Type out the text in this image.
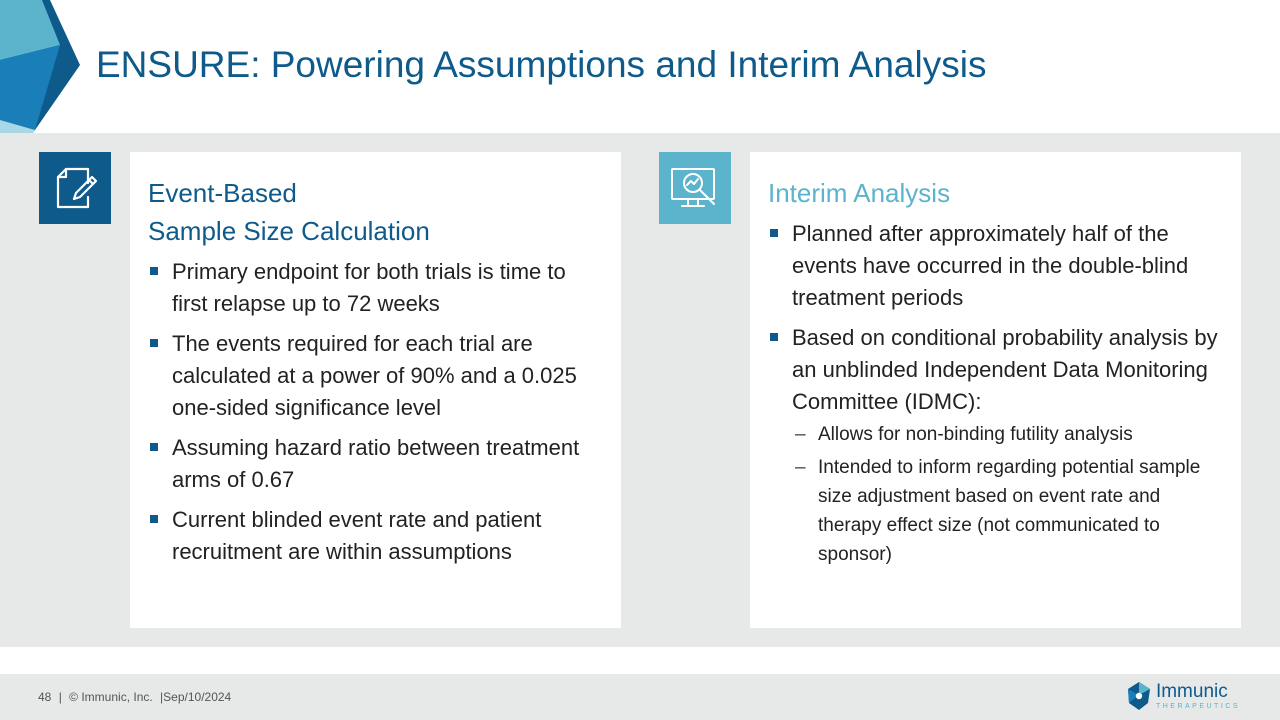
ENSURE: Powering Assumptions and Interim Analysis
Event-Based
Sample Size Calculation
Primary endpoint for both trials is time to first relapse up to 72 weeks
The events required for each trial are calculated at a power of 90% and a 0.025 one-sided significance level
Assuming hazard ratio between treatment arms of 0.67
Current blinded event rate and patient recruitment are within assumptions
Interim Analysis
Planned after approximately half of the events have occurred in the double-blind treatment periods
Based on conditional probability analysis by an unblinded Independent Data Monitoring Committee (IDMC):
– Allows for non-binding futility analysis
– Intended to inform regarding potential sample size adjustment based on event rate and therapy effect size (not communicated to sponsor)
48 | © Immunic, Inc. |Sep/10/2024	Immunic
THERAPEUTICS
